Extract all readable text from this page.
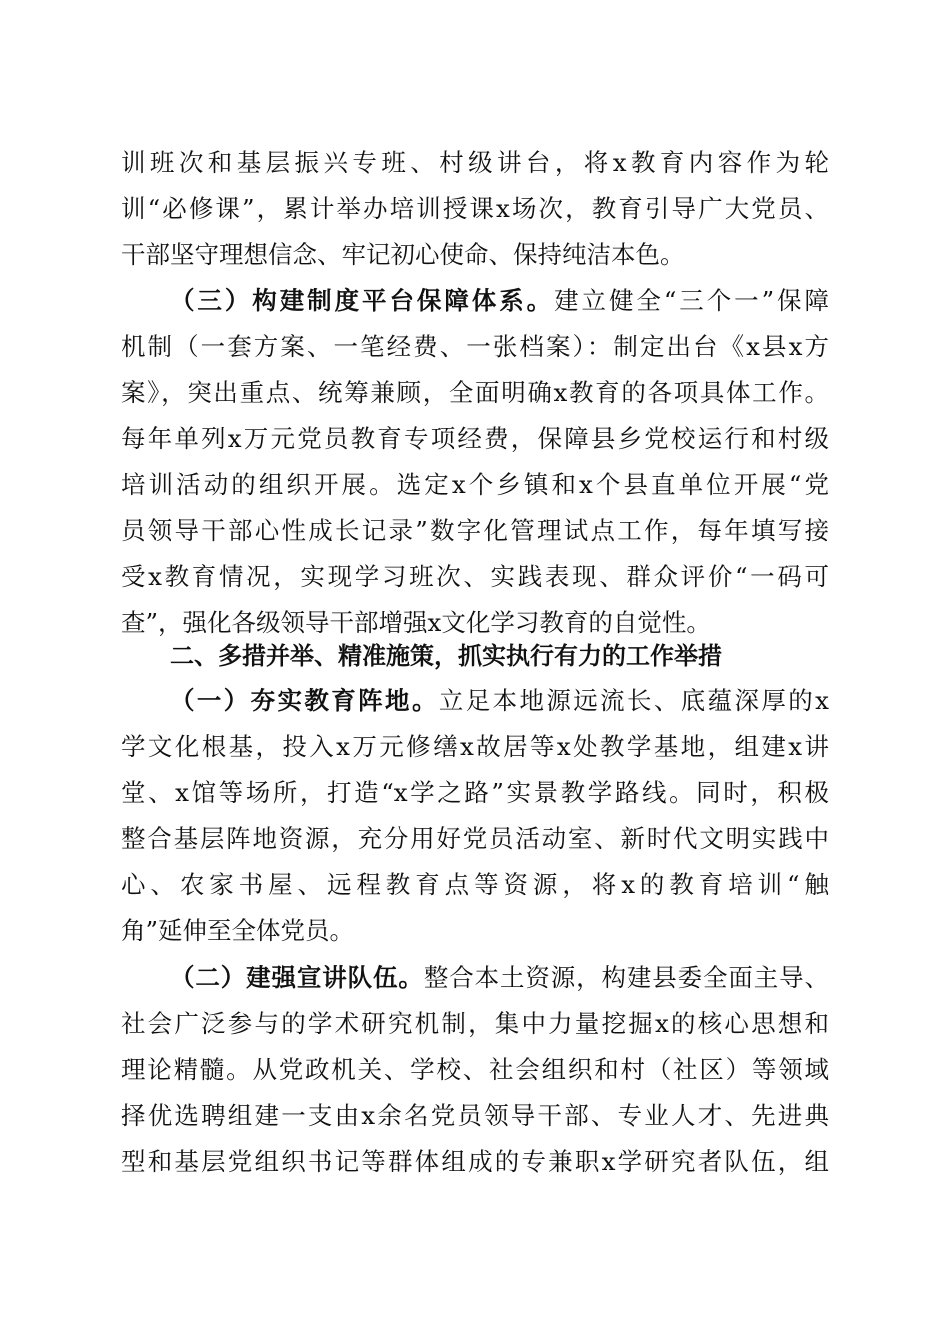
训班次和基层振兴专班、村级讲台，将x教育内容作为轮
训“必修课”，累计举办培训授课x场次，教育引导广大党员、
干部坚守理想信念、牢记初心使命、保持纯洁本色。
（三）构建制度平台保障体系。建立健全“三个一”保障
机制（一套方案、一笔经费、一张档案）：制定出台《x县x方
案》，突出重点、统筹兼顾，全面明确x教育的各项具体工作。
每年单列x万元党员教育专项经费，保障县乡党校运行和村级
培训活动的组织开展。选定x个乡镇和x个县直单位开展“党
员领导干部心性成长记录”数字化管理试点工作，每年填写接
受x教育情况，实现学习班次、实践表现、群众评价“一码可
查”，强化各级领导干部增强x文化学习教育的自觉性。
二、多措并举、精准施策，抓实执行有力的工作举措
（一）夯实教育阵地。立足本地源远流长、底蕴深厚的x
学文化根基，投入x万元修缮x故居等x处教学基地，组建x讲
堂、x馆等场所，打造“x学之路”实景教学路线。同时，积极
整合基层阵地资源，充分用好党员活动室、新时代文明实践中
心、农家书屋、远程教育点等资源，将x的教育培训“触
角”延伸至全体党员。
（二）建强宣讲队伍。整合本土资源，构建县委全面主导、
社会广泛参与的学术研究机制，集中力量挖掘x的核心思想和
理论精髓。从党政机关、学校、社会组织和村（社区）等领域
择优选聘组建一支由x余名党员领导干部、专业人才、先进典
型和基层党组织书记等群体组成的专兼职x学研究者队伍，组
